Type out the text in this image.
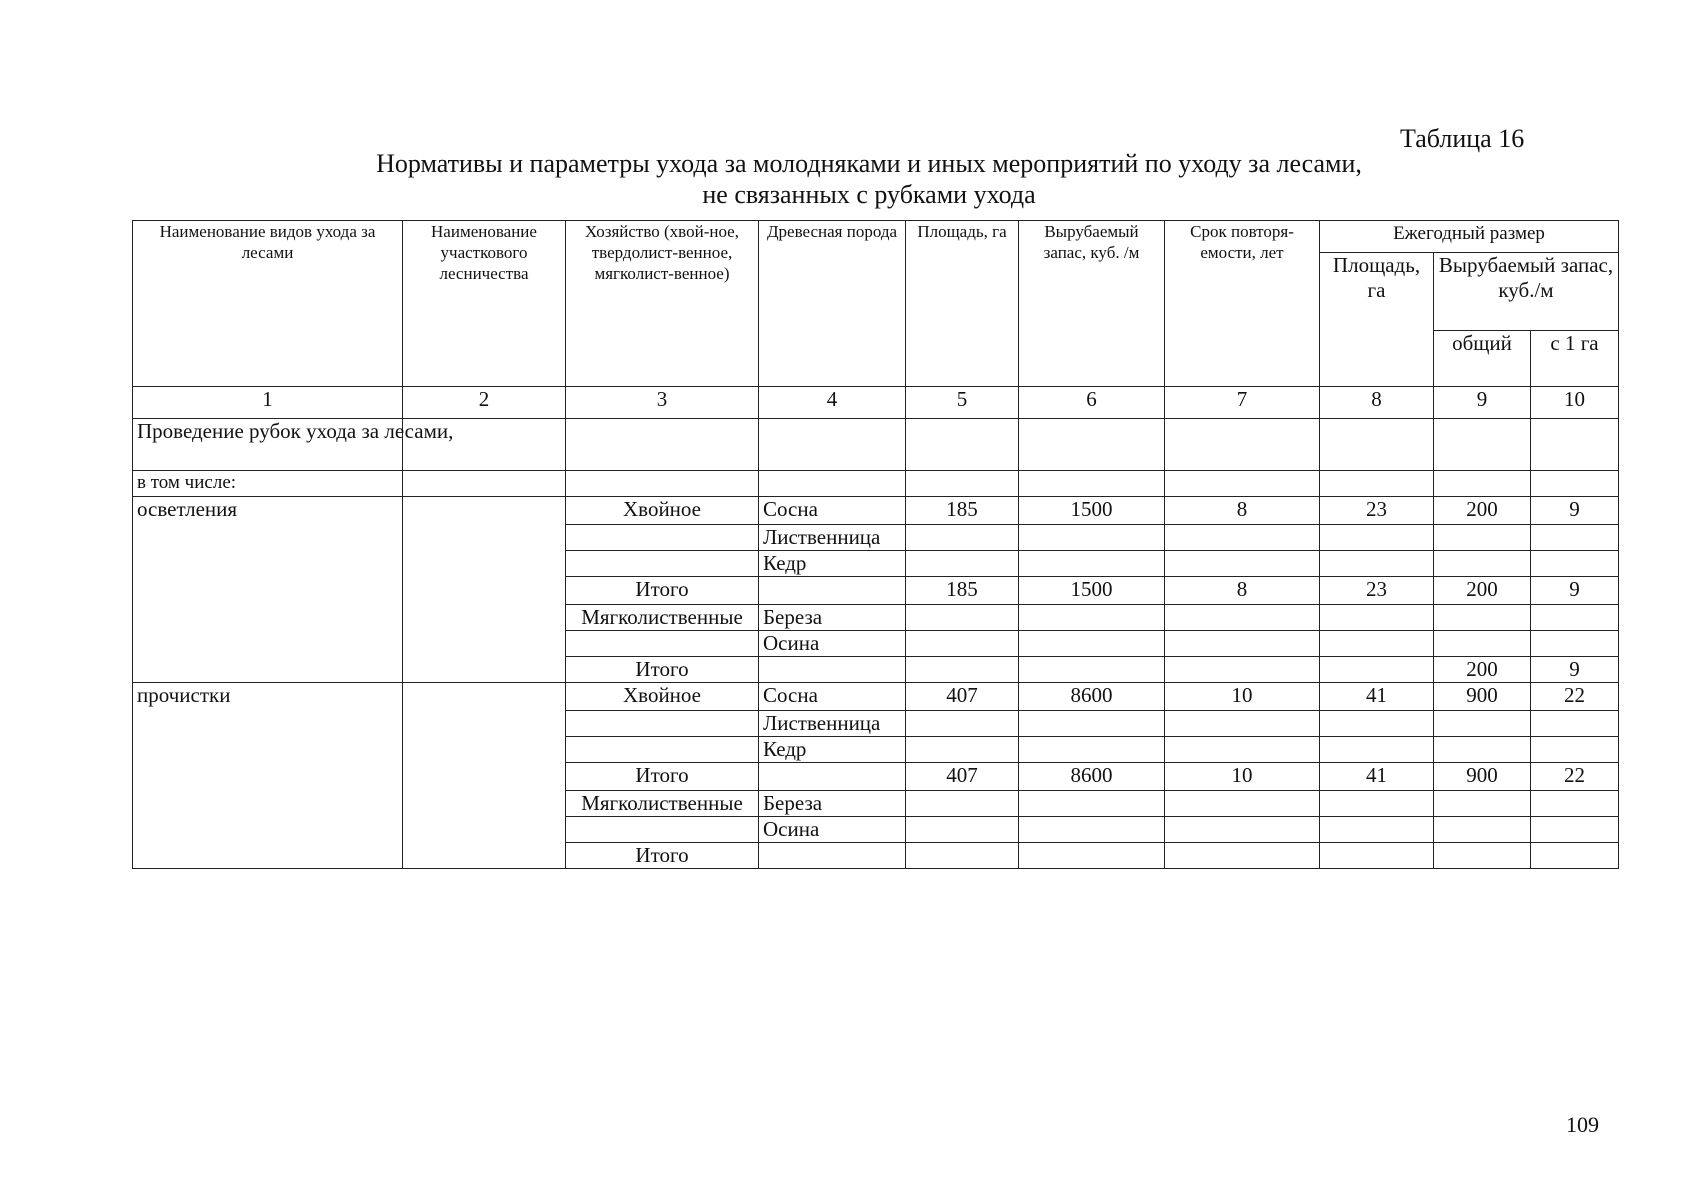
Таблица 16
Нормативы и параметры ухода за молодняками и иных мероприятий по уходу за лесами,
не связанных с рубками ухода
Наименование видов ухода за лесами	Наименование участкового лесничества	Хозяйство (хвой-ное, твердолист-венное, мягколист-венное)	Древесная порода	Площадь, га	Вырубаемый запас, куб. /м	Срок повторя-емости, лет	Ежегодный размер		
							Площадь, га	Вырубаемый запас, куб./м	
								общий	с 1 га
1	2	3	4	5	6	7	8	9	10
Проведение рубок ухода за лесами,									
в том числе:									
осветления		Хвойное	Сосна	185	1500	8	23	200	9
			Лиственница						
			Кедр						
		Итого		185	1500	8	23	200	9
		Мягколиственные	Береза						
			Осина						
		Итого						200	9
прочистки		Хвойное	Сосна	407	8600	10	41	900	22
			Лиственница						
			Кедр						
		Итого		407	8600	10	41	900	22
		Мягколиственные	Береза						
			Осина						
		Итого							
109
